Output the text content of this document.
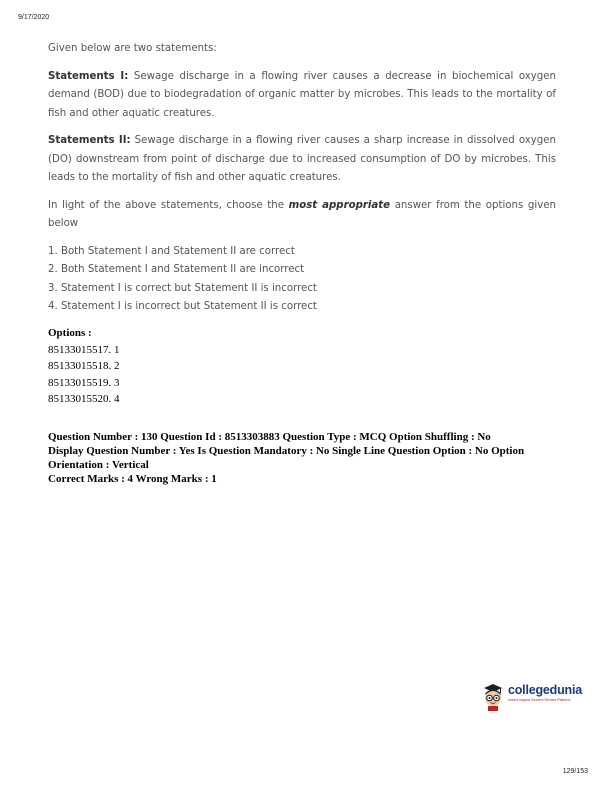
9/17/2020

Given below are two statements:

Statements I: Sewage discharge in a flowing river causes a decrease in biochemical oxygen demand (BOD) due to biodegradation of organic matter by microbes. This leads to the mortality of fish and other aquatic creatures.

Statements II: Sewage discharge in a flowing river causes a sharp increase in dissolved oxygen (DO) downstream from point of discharge due to increased consumption of DO by microbes. This leads to the mortality of fish and other aquatic creatures.

In light of the above statements, choose the most appropriate answer from the options given below

1. Both Statement I and Statement II are correct
2. Both Statement I and Statement II are incorrect
3. Statement I is correct but Statement II is incorrect
4. Statement I is incorrect but Statement II is correct
Options :
85133015517. 1
85133015518. 2
85133015519. 3
85133015520. 4
Question Number : 130 Question Id : 8513303883 Question Type : MCQ Option Shuffling : No
Display Question Number : Yes Is Question Mandatory : No Single Line Question Option : No Option
Orientation : Vertical
Correct Marks : 4 Wrong Marks : 1
collegedunia
India's largest Student Review Platform
129/153
